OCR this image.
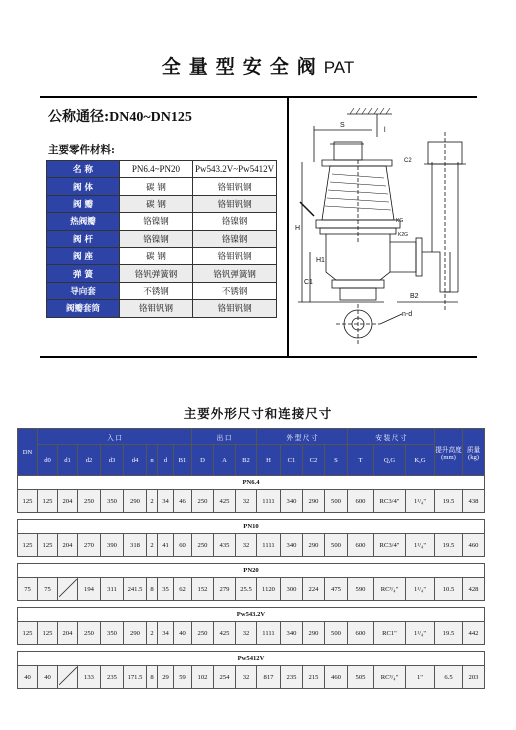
全量型安全阀PAT
公称通径:DN40~DN125
主要零件材料:
名 称	PN6.4~PN20	Pw543.2V~Pw5412V
阀 体	碳 钢	铬钼钒钢
阀 瓣	碳 钢	铬钼钒钢
热阀瓣	铬镍钢	铬镍钢
阀 杆	铬镍钢	铬镍钢
阀 座	碳 钢	铬钼钒钢
弹 簧	铬钒弹簧钢	铬钒弹簧钢
导向套	不锈钢	不锈钢
阀瓣套筒	铬钼钒钢	铬钼钒钢
S
l
H
C1
H1
B2
n-d
KG
K2G
C2
主要外形尺寸和连接尺寸
DN	入 口								出 口			外 型 尺 寸				安 装 尺 寸			提升高度(mm)	质量(kg)
	d0	d1	d2	d3	d4	n	d	B1	D	A	B2	H	C1	C2	S	T	Q,G	K,G		
PN6.4																				
125	125	204	250	350	290	2	34	46	250	425	32	1111	340	290	500	600	RC3/4"	1¹/₄"	19.5	438

PN10																				
125	125	204	270	390	318	2	41	60	250	435	32	1111	340	290	500	600	RC3/4"	1¹/₄"	19.5	460

PN20																				
75	75		194	311	241.5	8	35	62	152	279	25.5	1120	300	224	475	590	RC³/₄"	1¹/₄"	10.5	428

Pw543.2V																				
125	125	204	250	350	290	2	34	40	250	425	32	1111	340	290	500	600	RC1"	1¹/₄"	19.5	442

Pw5412V																				
40	40		133	235	171.5	8	29	59	102	254	32	817	235	215	460	505	RC³/₄"	1"	6.5	203
